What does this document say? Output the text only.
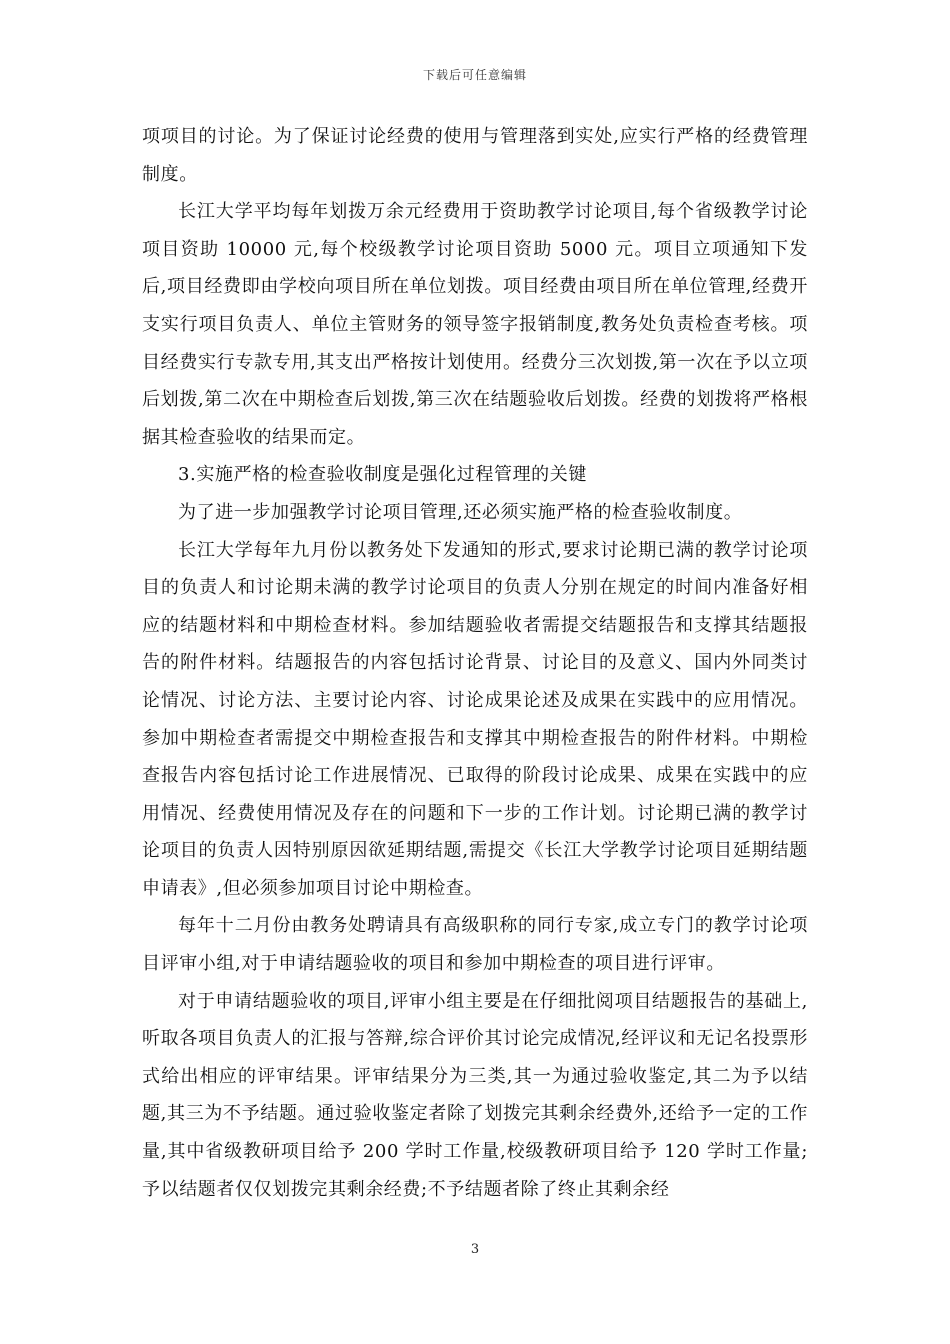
下载后可任意编辑

项项目的讨论。为了保证讨论经费的使用与管理落到实处,应实行严格的经费管理制度。

长江大学平均每年划拨万余元经费用于资助教学讨论项目,每个省级教学讨论项目资助 10000 元,每个校级教学讨论项目资助 5000 元。项目立项通知下发后,项目经费即由学校向项目所在单位划拨。项目经费由项目所在单位管理,经费开支实行项目负责人、单位主管财务的领导签字报销制度,教务处负责检查考核。项目经费实行专款专用,其支出严格按计划使用。经费分三次划拨,第一次在予以立项后划拨,第二次在中期检查后划拨,第三次在结题验收后划拨。经费的划拨将严格根据其检查验收的结果而定。

3.实施严格的检查验收制度是强化过程管理的关键

为了进一步加强教学讨论项目管理,还必须实施严格的检查验收制度。

长江大学每年九月份以教务处下发通知的形式,要求讨论期已满的教学讨论项目的负责人和讨论期未满的教学讨论项目的负责人分别在规定的时间内准备好相应的结题材料和中期检查材料。参加结题验收者需提交结题报告和支撑其结题报告的附件材料。结题报告的内容包括讨论背景、讨论目的及意义、国内外同类讨论情况、讨论方法、主要讨论内容、讨论成果论述及成果在实践中的应用情况。参加中期检查者需提交中期检查报告和支撑其中期检查报告的附件材料。中期检查报告内容包括讨论工作进展情况、已取得的阶段讨论成果、成果在实践中的应用情况、经费使用情况及存在的问题和下一步的工作计划。讨论期已满的教学讨论项目的负责人因特别原因欲延期结题,需提交《长江大学教学讨论项目延期结题申请表》,但必须参加项目讨论中期检查。

每年十二月份由教务处聘请具有高级职称的同行专家,成立专门的教学讨论项目评审小组,对于申请结题验收的项目和参加中期检查的项目进行评审。

对于申请结题验收的项目,评审小组主要是在仔细批阅项目结题报告的基础上,听取各项目负责人的汇报与答辩,综合评价其讨论完成情况,经评议和无记名投票形式给出相应的评审结果。评审结果分为三类,其一为通过验收鉴定,其二为予以结题,其三为不予结题。通过验收鉴定者除了划拨完其剩余经费外,还给予一定的工作量,其中省级教研项目给予 200 学时工作量,校级教研项目给予 120 学时工作量;予以结题者仅仅划拨完其剩余经费;不予结题者除了终止其剩余经

3
